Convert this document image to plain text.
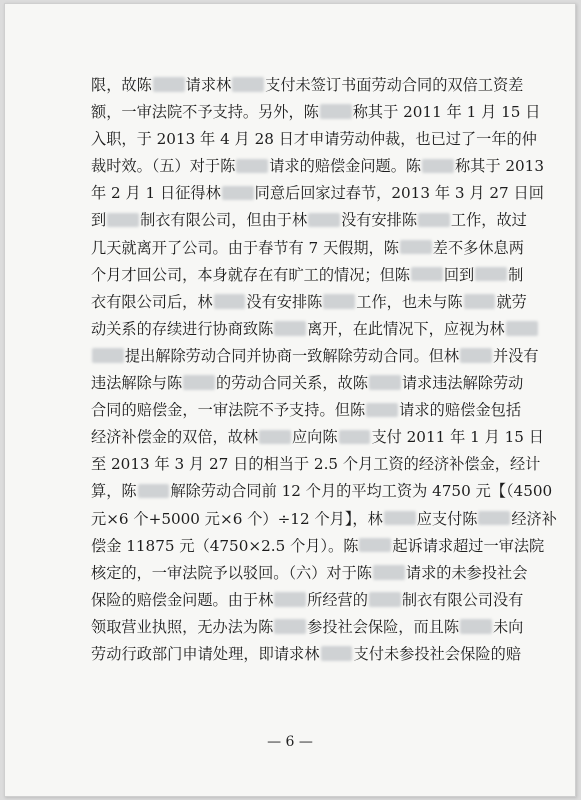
限，故陈 请求林 支付未签订书面劳动合同的双倍工资差
额，一审法院不予支持。另外，陈 称其于 2011 年 1 月 15 日
入职，于 2013 年 4 月 28 日才申请劳动仲裁，也已过了一年的仲
裁时效。（五）对于陈 请求的赔偿金问题。陈 称其于 2013
年 2 月 1 日征得林 同意后回家过春节，2013 年 3 月 27 日回
到 制衣有限公司，但由于林 没有安排陈 工作，故过
几天就离开了公司。由于春节有 7 天假期，陈 差不多休息两
个月才回公司，本身就存在有旷工的情况；但陈 回到 制
衣有限公司后，林 没有安排陈 工作，也未与陈 就劳
动关系的存续进行协商致陈 离开，在此情况下，应视为林
提出解除劳动合同并协商一致解除劳动合同。但林 并没有
违法解除与陈 的劳动合同关系，故陈 请求违法解除劳动
合同的赔偿金，一审法院不予支持。但陈 请求的赔偿金包括
经济补偿金的双倍，故林 应向陈 支付 2011 年 1 月 15 日
至 2013 年 3 月 27 日的相当于 2.5 个月工资的经济补偿金，经计
算，陈 解除劳动合同前 12 个月的平均工资为 4750 元【（4500
元×6 个+5000 元×6 个）÷12 个月】，林 应支付陈 经济补
偿金 11875 元（4750×2.5 个月）。陈 起诉请求超过一审法院
核定的，一审法院予以驳回。（六）对于陈 请求的未参投社会
保险的赔偿金问题。由于林 所经营的 制衣有限公司没有
领取营业执照，无办法为陈 参投社会保险，而且陈 未向
劳动行政部门申请处理，即请求林 支付未参投社会保险的赔
— 6 —
